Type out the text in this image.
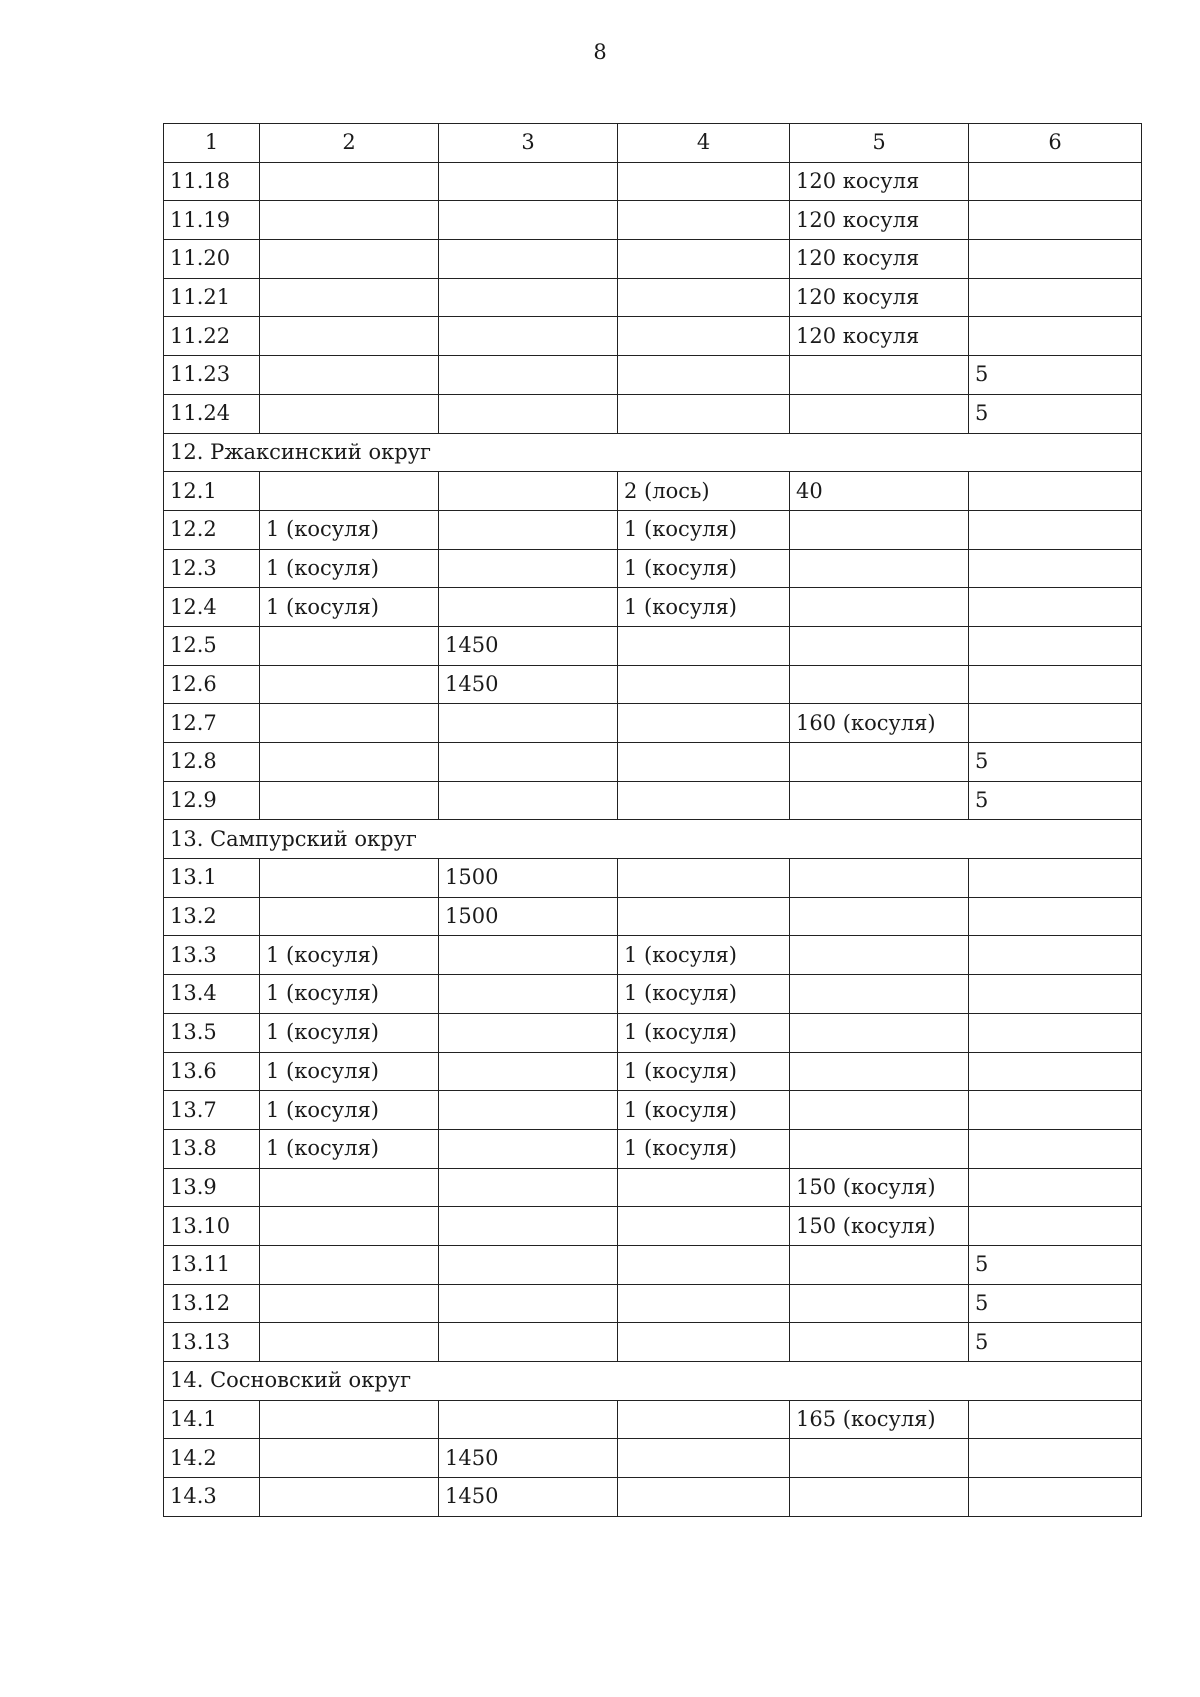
8
1	2	3	4	5	6
11.18				120 косуля	
11.19				120 косуля	
11.20				120 косуля	
11.21				120 косуля	
11.22				120 косуля	
11.23					5
11.24					5
12. Ржаксинский округ					
12.1			2 (лось)	40	
12.2	1 (косуля)		1 (косуля)		
12.3	1 (косуля)		1 (косуля)		
12.4	1 (косуля)		1 (косуля)		
12.5		1450			
12.6		1450			
12.7				160 (косуля)	
12.8					5
12.9					5
13. Сампурский округ					
13.1		1500			
13.2		1500			
13.3	1 (косуля)		1 (косуля)		
13.4	1 (косуля)		1 (косуля)		
13.5	1 (косуля)		1 (косуля)		
13.6	1 (косуля)		1 (косуля)		
13.7	1 (косуля)		1 (косуля)		
13.8	1 (косуля)		1 (косуля)		
13.9				150 (косуля)	
13.10				150 (косуля)	
13.11					5
13.12					5
13.13					5
14. Сосновский округ					
14.1				165 (косуля)	
14.2		1450			
14.3		1450			
